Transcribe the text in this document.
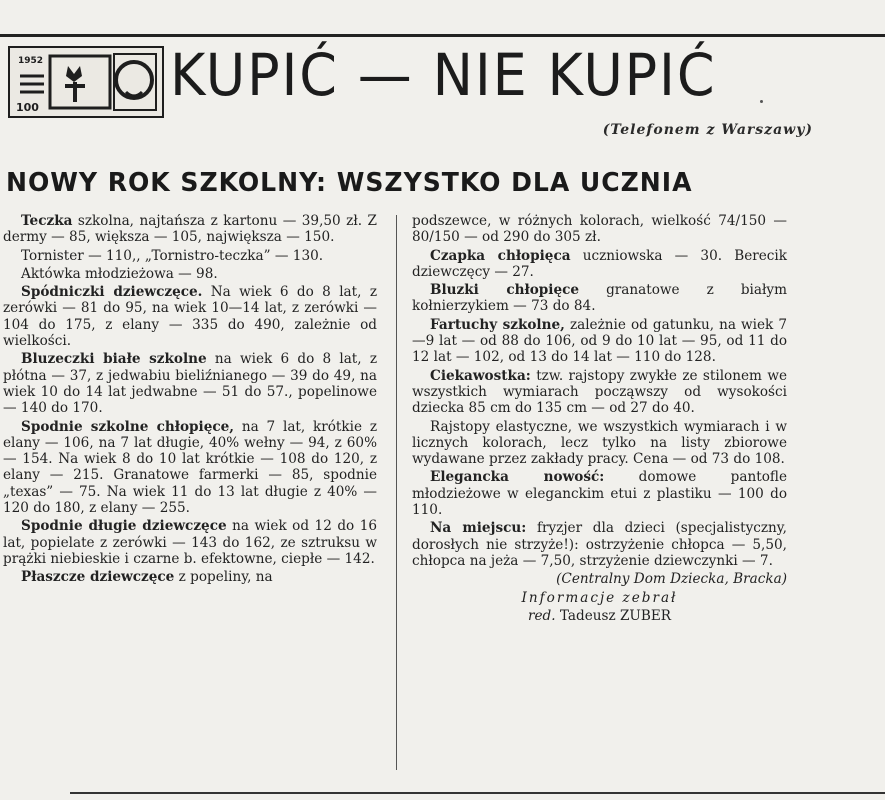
1952
100 KUPIĆ — NIE KUPIĆ
(Telefonem z Warszawy)
NOWY ROK SZKOLNY: WSZYSTKO DLA UCZNIA

Teczka szkolna, najtańsza z kartonu — 39,50 zł. Z dermy — 85, większa — 105, największa — 150.

Tornister — 110,, „Tornistro-teczka” — 130.

Aktówka młodzieżowa — 98.

Spódniczki dziewczęce. Na wiek 6 do 8 lat, z zerówki — 81 do 95, na wiek 10—14 lat, z zerówki — 104 do 175, z elany — 335 do 490, zależnie od wielkości.

Bluzeczki białe szkolne na wiek 6 do 8 lat, z płótna — 37, z jedwabiu bieliźnianego — 39 do 49, na wiek 10 do 14 lat jedwabne — 51 do 57., popelinowe — 140 do 170.

Spodnie szkolne chłopięce, na 7 lat, krótkie z elany — 106, na 7 lat długie, 40% wełny — 94, z 60% — 154. Na wiek 8 do 10 lat krótkie — 108 do 120, z elany — 215. Granatowe farmerki — 85, spodnie „texas” — 75. Na wiek 11 do 13 lat długie z 40% — 120 do 180, z elany — 255.

Spodnie długie dziewczęce na wiek od 12 do 16 lat, popielate z zerówki — 143 do 162, ze sztruksu w prążki niebieskie i czarne b. efektowne, ciepłe — 142.

Płaszcze dziewczęce z popeliny, na

podszewce, w różnych kolorach, wielkość 74/150 — 80/150 — od 290 do 305 zł.

Czapka chłopięca uczniowska — 30. Berecik dziewczęcy — 27.

Bluzki chłopięce granatowe z białym kołnierzykiem — 73 do 84.

Fartuchy szkolne, zależnie od gatunku, na wiek 7—9 lat — od 88 do 106, od 9 do 10 lat — 95, od 11 do 12 lat — 102, od 13 do 14 lat — 110 do 128.

Ciekawostka: tzw. rajstopy zwykłe ze stilonem we wszystkich wymiarach począwszy od wysokości dziecka 85 cm do 135 cm — od 27 do 40.

Rajstopy elastyczne, we wszystkich wymiarach i w licznych kolorach, lecz tylko na listy zbiorowe wydawane przez zakłady pracy. Cena — od 73 do 108.

Elegancka nowość: domowe pantofle młodzieżowe w eleganckim etui z plastiku — 100 do 110.

Na miejscu: fryzjer dla dzieci (specjalistyczny, dorosłych nie strzyże!): ostrzyżenie chłopca — 5,50, chłopca na jeża — 7,50, strzyżenie dziewczynki — 7.

(Centralny Dom Dziecka, Bracka)

Informacje zebrał

red. Tadeusz ZUBER
